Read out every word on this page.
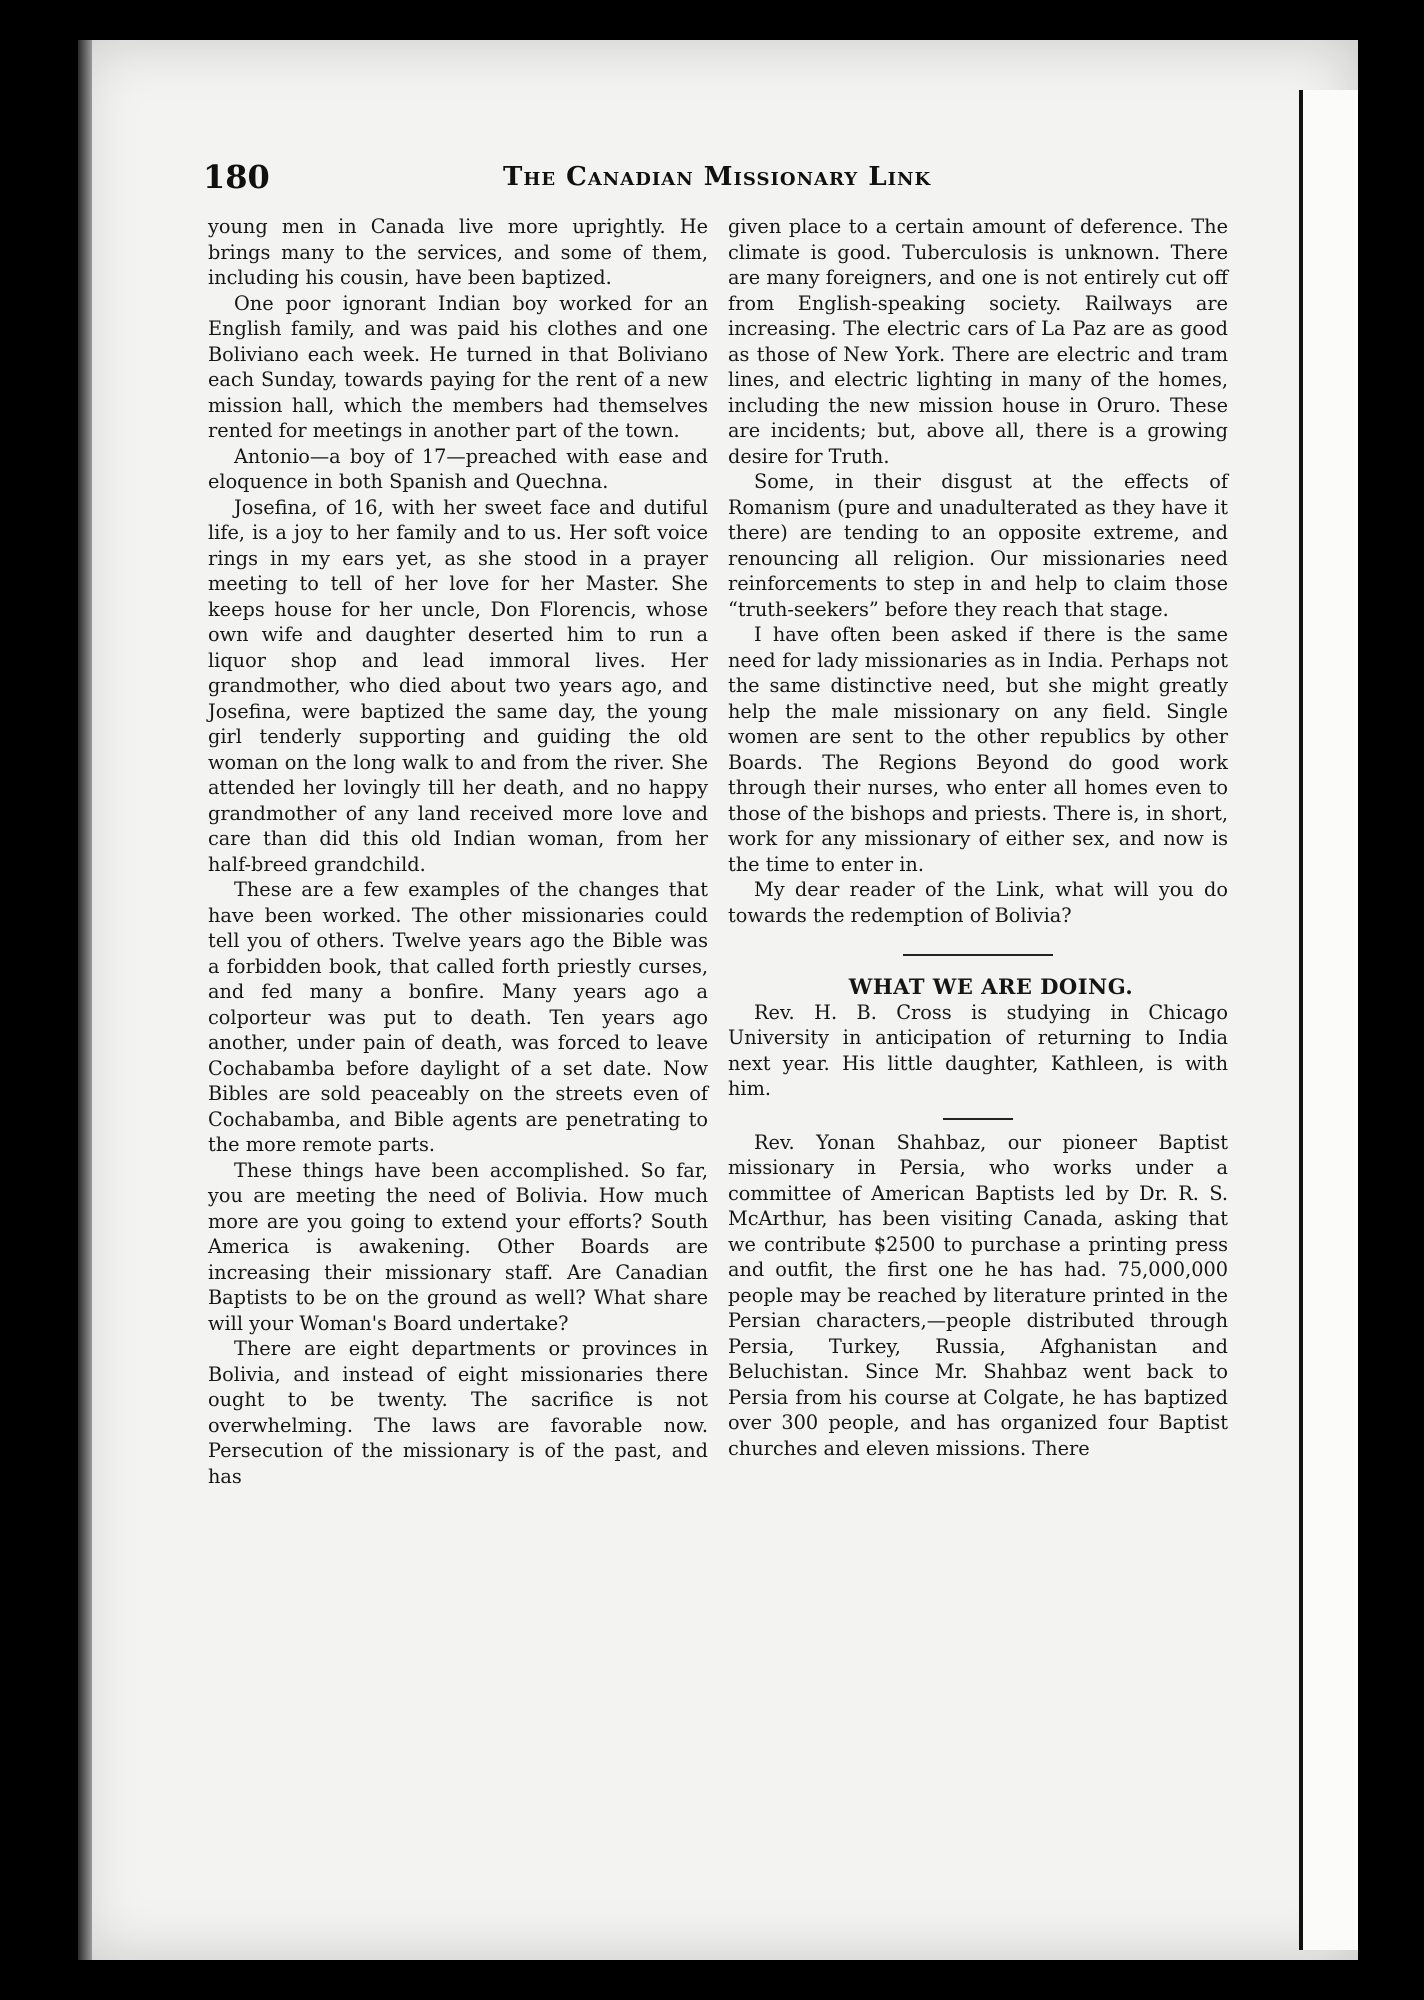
180	The Canadian Missionary Link

young men in Canada live more uprightly. He brings many to the services, and some of them, including his cousin, have been baptized.

One poor ignorant Indian boy worked for an English family, and was paid his clothes and one Boliviano each week. He turned in that Boliviano each Sunday, towards paying for the rent of a new mission hall, which the members had themselves rented for meetings in another part of the town.

Antonio—a boy of 17—preached with ease and eloquence in both Spanish and Quechna.

Josefina, of 16, with her sweet face and dutiful life, is a joy to her family and to us. Her soft voice rings in my ears yet, as she stood in a prayer meeting to tell of her love for her Master. She keeps house for her uncle, Don Florencis, whose own wife and daughter deserted him to run a liquor shop and lead immoral lives. Her grandmother, who died about two years ago, and Josefina, were baptized the same day, the young girl tenderly supporting and guiding the old woman on the long walk to and from the river. She attended her lovingly till her death, and no happy grandmother of any land received more love and care than did this old Indian woman, from her half-breed grandchild.

These are a few examples of the changes that have been worked. The other missionaries could tell you of others. Twelve years ago the Bible was a forbidden book, that called forth priestly curses, and fed many a bonfire. Many years ago a colporteur was put to death. Ten years ago another, under pain of death, was forced to leave Cochabamba before daylight of a set date. Now Bibles are sold peaceably on the streets even of Cochabamba, and Bible agents are penetrating to the more remote parts.

These things have been accomplished. So far, you are meeting the need of Bolivia. How much more are you going to extend your efforts? South America is awakening. Other Boards are increasing their missionary staff. Are Canadian Baptists to be on the ground as well? What share will your Woman's Board undertake?

There are eight departments or provinces in Bolivia, and instead of eight missionaries there ought to be twenty. The sacrifice is not overwhelming. The laws are favorable now. Persecution of the missionary is of the past, and has

given place to a certain amount of deference. The climate is good. Tuberculosis is unknown. There are many foreigners, and one is not entirely cut off from English-speaking society. Railways are increasing. The electric cars of La Paz are as good as those of New York. There are electric and tram lines, and electric lighting in many of the homes, including the new mission house in Oruro. These are incidents; but, above all, there is a growing desire for Truth.

Some, in their disgust at the effects of Romanism (pure and unadulterated as they have it there) are tending to an opposite extreme, and renouncing all religion. Our missionaries need reinforcements to step in and help to claim those “truth-seekers” before they reach that stage.

I have often been asked if there is the same need for lady missionaries as in India. Perhaps not the same distinctive need, but she might greatly help the male missionary on any field. Single women are sent to the other republics by other Boards. The Regions Beyond do good work through their nurses, who enter all homes even to those of the bishops and priests. There is, in short, work for any missionary of either sex, and now is the time to enter in.

My dear reader of the Link, what will you do towards the redemption of Bolivia?

WHAT WE ARE DOING.

Rev. H. B. Cross is studying in Chicago University in anticipation of returning to India next year. His little daughter, Kathleen, is with him.

Rev. Yonan Shahbaz, our pioneer Baptist missionary in Persia, who works under a committee of American Baptists led by Dr. R. S. McArthur, has been visiting Canada, asking that we contribute $2500 to purchase a printing press and outfit, the first one he has had. 75,000,000 people may be reached by literature printed in the Persian characters,—people distributed through Persia, Turkey, Russia, Afghanistan and Beluchistan. Since Mr. Shahbaz went back to Persia from his course at Colgate, he has baptized over 300 people, and has organized four Baptist churches and eleven missions. There
